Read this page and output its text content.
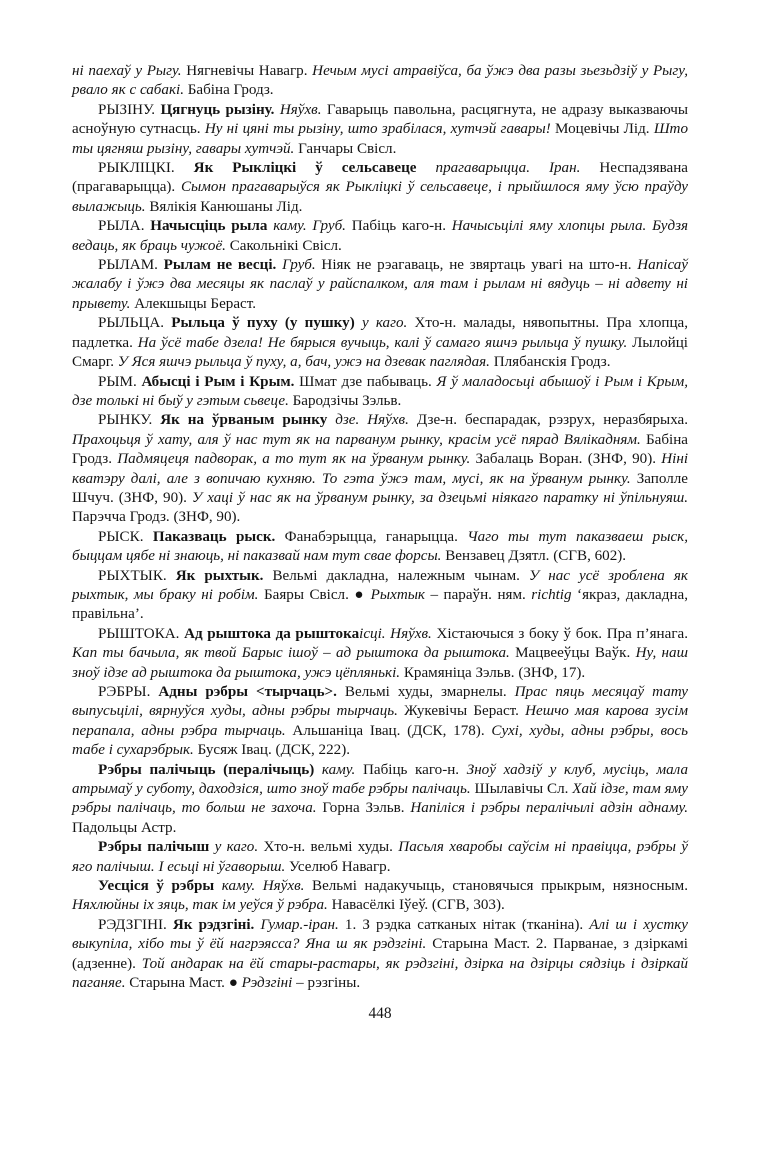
ні паехаў у Рыгу. Нягневічы Навагр. Нечым мусі атравіўса, ба ўжэ два разы зьезьдзіў у Рыгу, рвало як с сабакі. Бабіна Гродз.
РЫЗІНУ. Цягнуць рызіну. Няўхв. Гаварыць павольна, расцягнута, не адразу выказваючы асноўную сутнасць. Ну ні цяні ты рызіну, што зрабілася, хутчэй гавары! Моцевічы Лід. Што ты цягняш рызіну, гавары хутчэй. Ганчары Свісл.
РЫКЛІЦКІ. Як Рыкліцкі ў сельсавеце прагаварыцца. Іран. Неспадзявана (прагаварыцца). Сымон прагаварыўся як Рыкліцкі ў сельсавеце, і прыйшлося яму ўсю праўду вылажыць. Вялікія Канюшаны Лід.
РЫЛА. Начысціць рыла каму. Груб. Пабіць каго-н. Начысьцілі яму хлопцы рыла. Будзя ведаць, як браць чужоё. Сакольнікі Свісл.
РЫЛАМ. Рылам не весці. Груб. Ніяк не рэагаваць, не звяртаць увагі на што-н. Напісаў жалабу і ўжэ два месяцы як паслаў у райспалком, аля там і рылам ні вядуць – ні адвету ні прывету. Алекшыцы Бераст.
РЫЛЬЦА. Рыльца ў пуху (у пушку) у каго. Хто-н. малады, нявопытны. Пра хлопца, падлетка. На ўсё табе дзела! Не бярыся вучыць, калі ў самаго яшчэ рыльца ў пушку. Лылойці Смарг. У Яся яшчэ рыльца ў пуху, а, бач, ужэ на дзевак паглядая. Плябанскія Гродз.
РЫМ. Абысці і Рым і Крым. Шмат дзе пабываць. Я ў маладосьці абышоў і Рым і Крым, дзе толькі ні быў у гэтым сьвеце. Бародзічы Зэльв.
РЫНКУ. Як на ўрваным рынку дзе. Няўхв. Дзе-н. беспарадак, рэзрух, неразбярыха. Прахоцьця ў хату, аля ў нас тут як на парванум рынку, красім усё пярад Вялікадням. Бабіна Гродз. Падмяцеця падворак, а то тут як на ўрванум рынку. Забалаць Воран. (ЗНФ, 90). Ніні кватэру далі, але з вопичаю кухняю. То гэта ўжэ там, мусі, як на ўрванум рынку. Заполле Шчуч. (ЗНФ, 90). У хаці ў нас як на ўрванум рынку, за дзецьмі ніякаго паратку ні ўпільнуяш. Парэчча Гродз. (ЗНФ, 90).
РЫСК. Паказваць рыск. Фанабэрыцца, ганарыцца. Чаго ты тут паказваеш рыск, быццам цябе ні знаюць, ні паказвай нам тут свае форсы. Вензавец Дзятл. (СГВ, 602).
РЫХТЫК. Як рыхтык. Вельмі дакладна, належным чынам. У нас усё зроблена як рыхтык, мы браку ні робім. Баяры Свісл. ● Рыхтык – параўн. ням. richtig ‘якраз, дакладна, правільна’.
РЫШТОКА. Ад рыштока да рыштокаісці. Няўхв. Хістаючыся з боку ў бок. Пра п’янага. Кап ты бачыла, як твой Барыс ішоў – ад рыштока да рыштока. Мацвееўцы Ваўк. Ну, наш зноў ідзе ад рыштока да рыштока, ужэ цёплянькі. Крамяніца Зэльв. (ЗНФ, 17).
РЭБРЫ. Адны рэбры <тырчаць>. Вельмі худы, змарнелы. Прас пяць месяцаў тату выпусьцілі, вярнуўся худы, адны рэбры тырчаць. Жукевічы Бераст. Нешчо мая карова зусім перапала, адны рэбра тырчаць. Альшаніца Івац. (ДСК, 178). Сухі, худы, адны рэбры, вось табе і сухарэбрык. Бусяж Івац. (ДСК, 222).
Рэбры палічыць (пералічыць) каму. Пабіць каго-н. Зноў хадзіў у клуб, мусіць, мала атрымаў у суботу, даходзіся, што зноў табе рэбры палічаць. Шылавічы Сл. Хай ідзе, там яму рэбры палічаць, то больш не захоча. Горна Зэльв. Напіліся і рэбры пералічылі адзін аднаму. Падольцы Астр.
Рэбры палічыш у каго. Хто-н. вельмі худы. Пасьля хваробы саўсім ні правіцца, рэбры ў яго палічыш. І есьці ні ўгаворыш. Уселюб Навагр.
Уесціся ў рэбры каму. Няўхв. Вельмі надакучыць, становячыся прыкрым, нязносным. Няхлюйны іх зяць, так ім уеўся ў рэбра. Навасёлкі Іўеў. (СГВ, 303).
РЭДЗГІНІ. Як рэдзгіні. Гумар.-іран. 1. З рэдка сатканых нітак (тканіна). Алі ш і хустку выкупіла, хібо ты ў ёй нагрэясса? Яна ш як рэдзгіні. Старына Маст. 2. Парванае, з дзіркамі (адзенне). Той андарак на ёй стары-растары, як рэдзгіні, дзірка на дзірцы сядзіць і дзіркай паганяе. Старына Маст. ● Рэдзгіні – рэзгіны.
448
